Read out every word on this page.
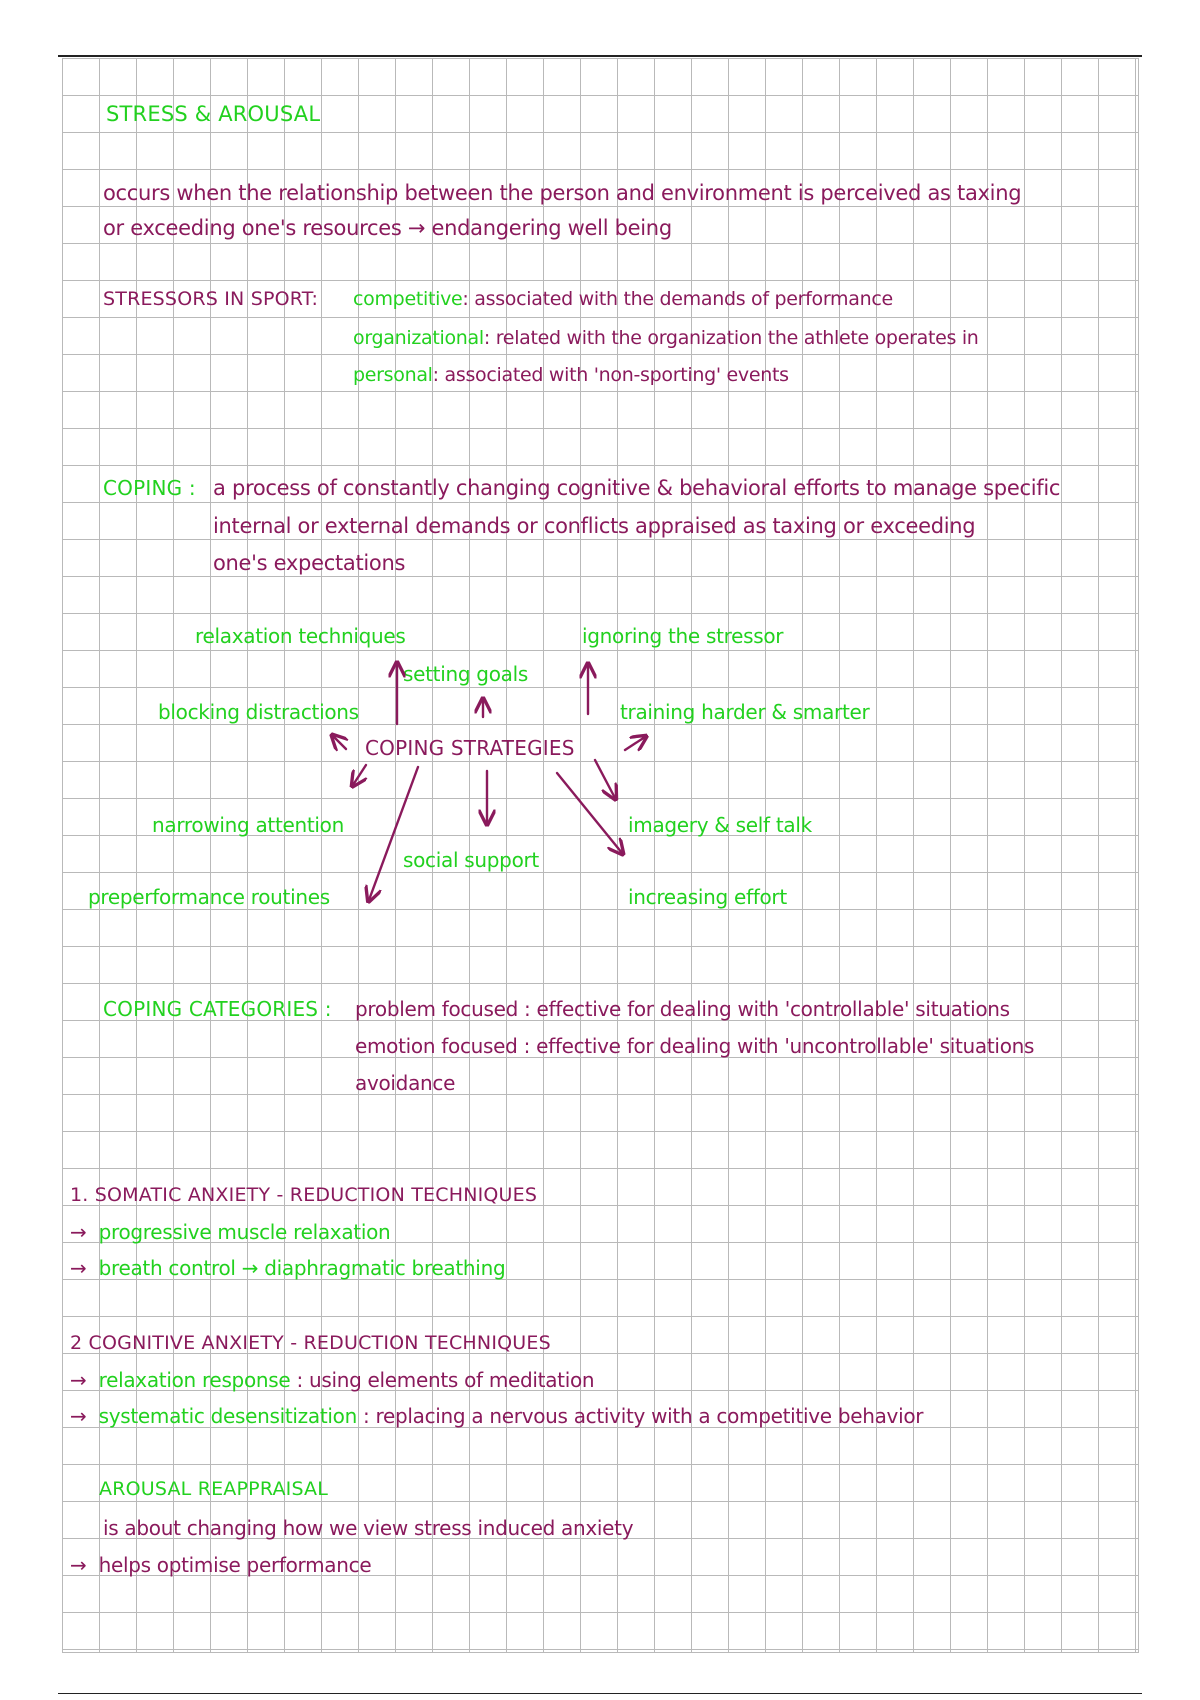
STRESS & AROUSAL
occurs when the relationship between the person and environment is perceived as taxing
or exceeding one's resources → endangering well being
STRESSORS IN SPORT: competitive: associated with the demands of performance
organizational: related with the organization the athlete operates in
personal: associated with 'non-sporting' events
COPING : a process of constantly changing cognitive & behavioral efforts to manage specific
internal or external demands or conflicts appraised as taxing or exceeding
one's expectations
relaxation techniques
setting goals
ignoring the stressor
blocking distractions	training harder & smarter
COPING STRATEGIES
narrowing attention	imagery & self talk
social support
preperformance routines	increasing effort
COPING CATEGORIES : problem focused : effective for dealing with 'controllable' situations
emotion focused : effective for dealing with 'uncontrollable' situations
avoidance
1. SOMATIC ANXIETY - REDUCTION TECHNIQUES
→ progressive muscle relaxation
→ breath control → diaphragmatic breathing
2 COGNITIVE ANXIETY - REDUCTION TECHNIQUES
→ relaxation response : using elements of meditation
→ systematic desensitization : replacing a nervous activity with a competitive behavior
AROUSAL REAPPRAISAL
is about changing how we view stress induced anxiety
→ helps optimise performance
